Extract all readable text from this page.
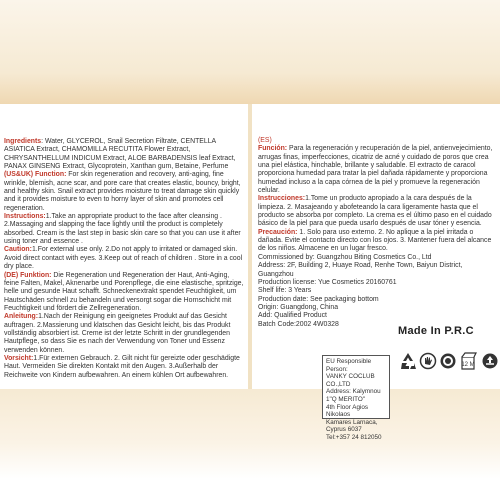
Ingredients: Water, GLYCEROL, Snail Secretion Filtrate, CENTELLA ASIATICA Extract, CHAMOMILLA RECUTITA Flower Extract, CHRYSANTHELLUM INDICUM Extract, ALOE BARBADENSIS leaf Extract, PANAX GINSENG Extract, Glycoprotein, Xanthan gum, Betaine, Perfume

(US&UK) Function: For skin regeneration and recovery, anti-aging, fine wrinkle, blemish, acne scar, and pore care that creates elastic, bouncy, bright, and healthy skin. Snail extract provides moisture to treat damage skin quickly and it provides moisture to even to horny layer of skin and promotes cell regeneration.

Instructions:1.Take an appropriate product to the face after cleansing . 2.Massaging and slapping the face lightly until the product is completely absorbed. Cream is the last step in basic skin care so that you can use it after using toner and essence .

Caution:1.For external use only. 2.Do not apply to irritated or damaged skin. Avoid direct contact with eyes. 3.Keep out of reach of children . Store in a cool dry place.

(DE) Funktion: Die Regeneration und Regeneration der Haut, Anti-Aging, feine Falten, Makel, Aknenarbe und Porenpflege, die eine elastische, spritzige, helle und gesunde Haut schafft. Schneckenextrakt spendet Feuchtigkeit, um Hautschäden schnell zu behandeln und versorgt sogar die Hornschicht mit Feuchtigkeit und fördert die Zellregeneration.

Anleitung:1.Nach der Reinigung ein geeignetes Produkt auf das Gesicht auftragen. 2.Massierung und klatschen das Gesicht leicht, bis das Produkt vollständig absorbiert ist. Creme ist der letzte Schritt in der grundlegenden Hautpflege, so dass Sie es nach der Verwendung von Toner und Essenz verwenden können.

Vorsicht:1.Für externen Gebrauch. 2. Gilt nicht für gereizte oder geschädigte Haut. Vermeiden Sie direkten Kontakt mit den Augen. 3.Außerhalb der Reichweite von Kindern aufbewahren. An einem kühlen Ort aufbewahren.

(ES)

Función: Para la regeneración y recuperación de la piel, antienvejecimiento, arrugas finas, imperfecciones, cicatriz de acné y cuidado de poros que crea una piel elástica, hinchable, brillante y saludable. El extracto de caracol proporciona humedad para tratar la piel dañada rápidamente y proporciona humedad incluso a la capa córnea de la piel y promueve la regeneración celular.

Instrucciones:1.Tome un producto apropiado a la cara después de la limpieza. 2. Masajeando y abofeteando la cara ligeramente hasta que el producto se absorba por completo. La crema es el último paso en el cuidado básico de la piel para que pueda usarlo después de usar tóner y esencia.

Precaución: 1. Solo para uso externo. 2. No aplique a la piel irritada o dañada. Evite el contacto directo con los ojos. 3. Mantener fuera del alcance de los niños. Almacene en un lugar fresco.

Commissioned by: Guangzhou Biting Cosmetics Co., Ltd

Address: 2F, Building 2, Huaye Road, Renhe Town, Baiyun District, Guangzhou

Production license: Yue Cosmetics 20160761

Shelf life: 3 Years

Production date: See packaging bottom

Origin: Guangdong, China

Add: Qualified Product

Batch Code:2002 4W0328

Made In P.R.C
EU Responsible Person:
VANKY COCLUB CO.,LTD
Address: Kalymnou 1"Q MERITO"
4th Floor Agios Nikolaos
Kamares Larnaca,
Cyprus 6037
Tel:+357 24 812050
12 M
